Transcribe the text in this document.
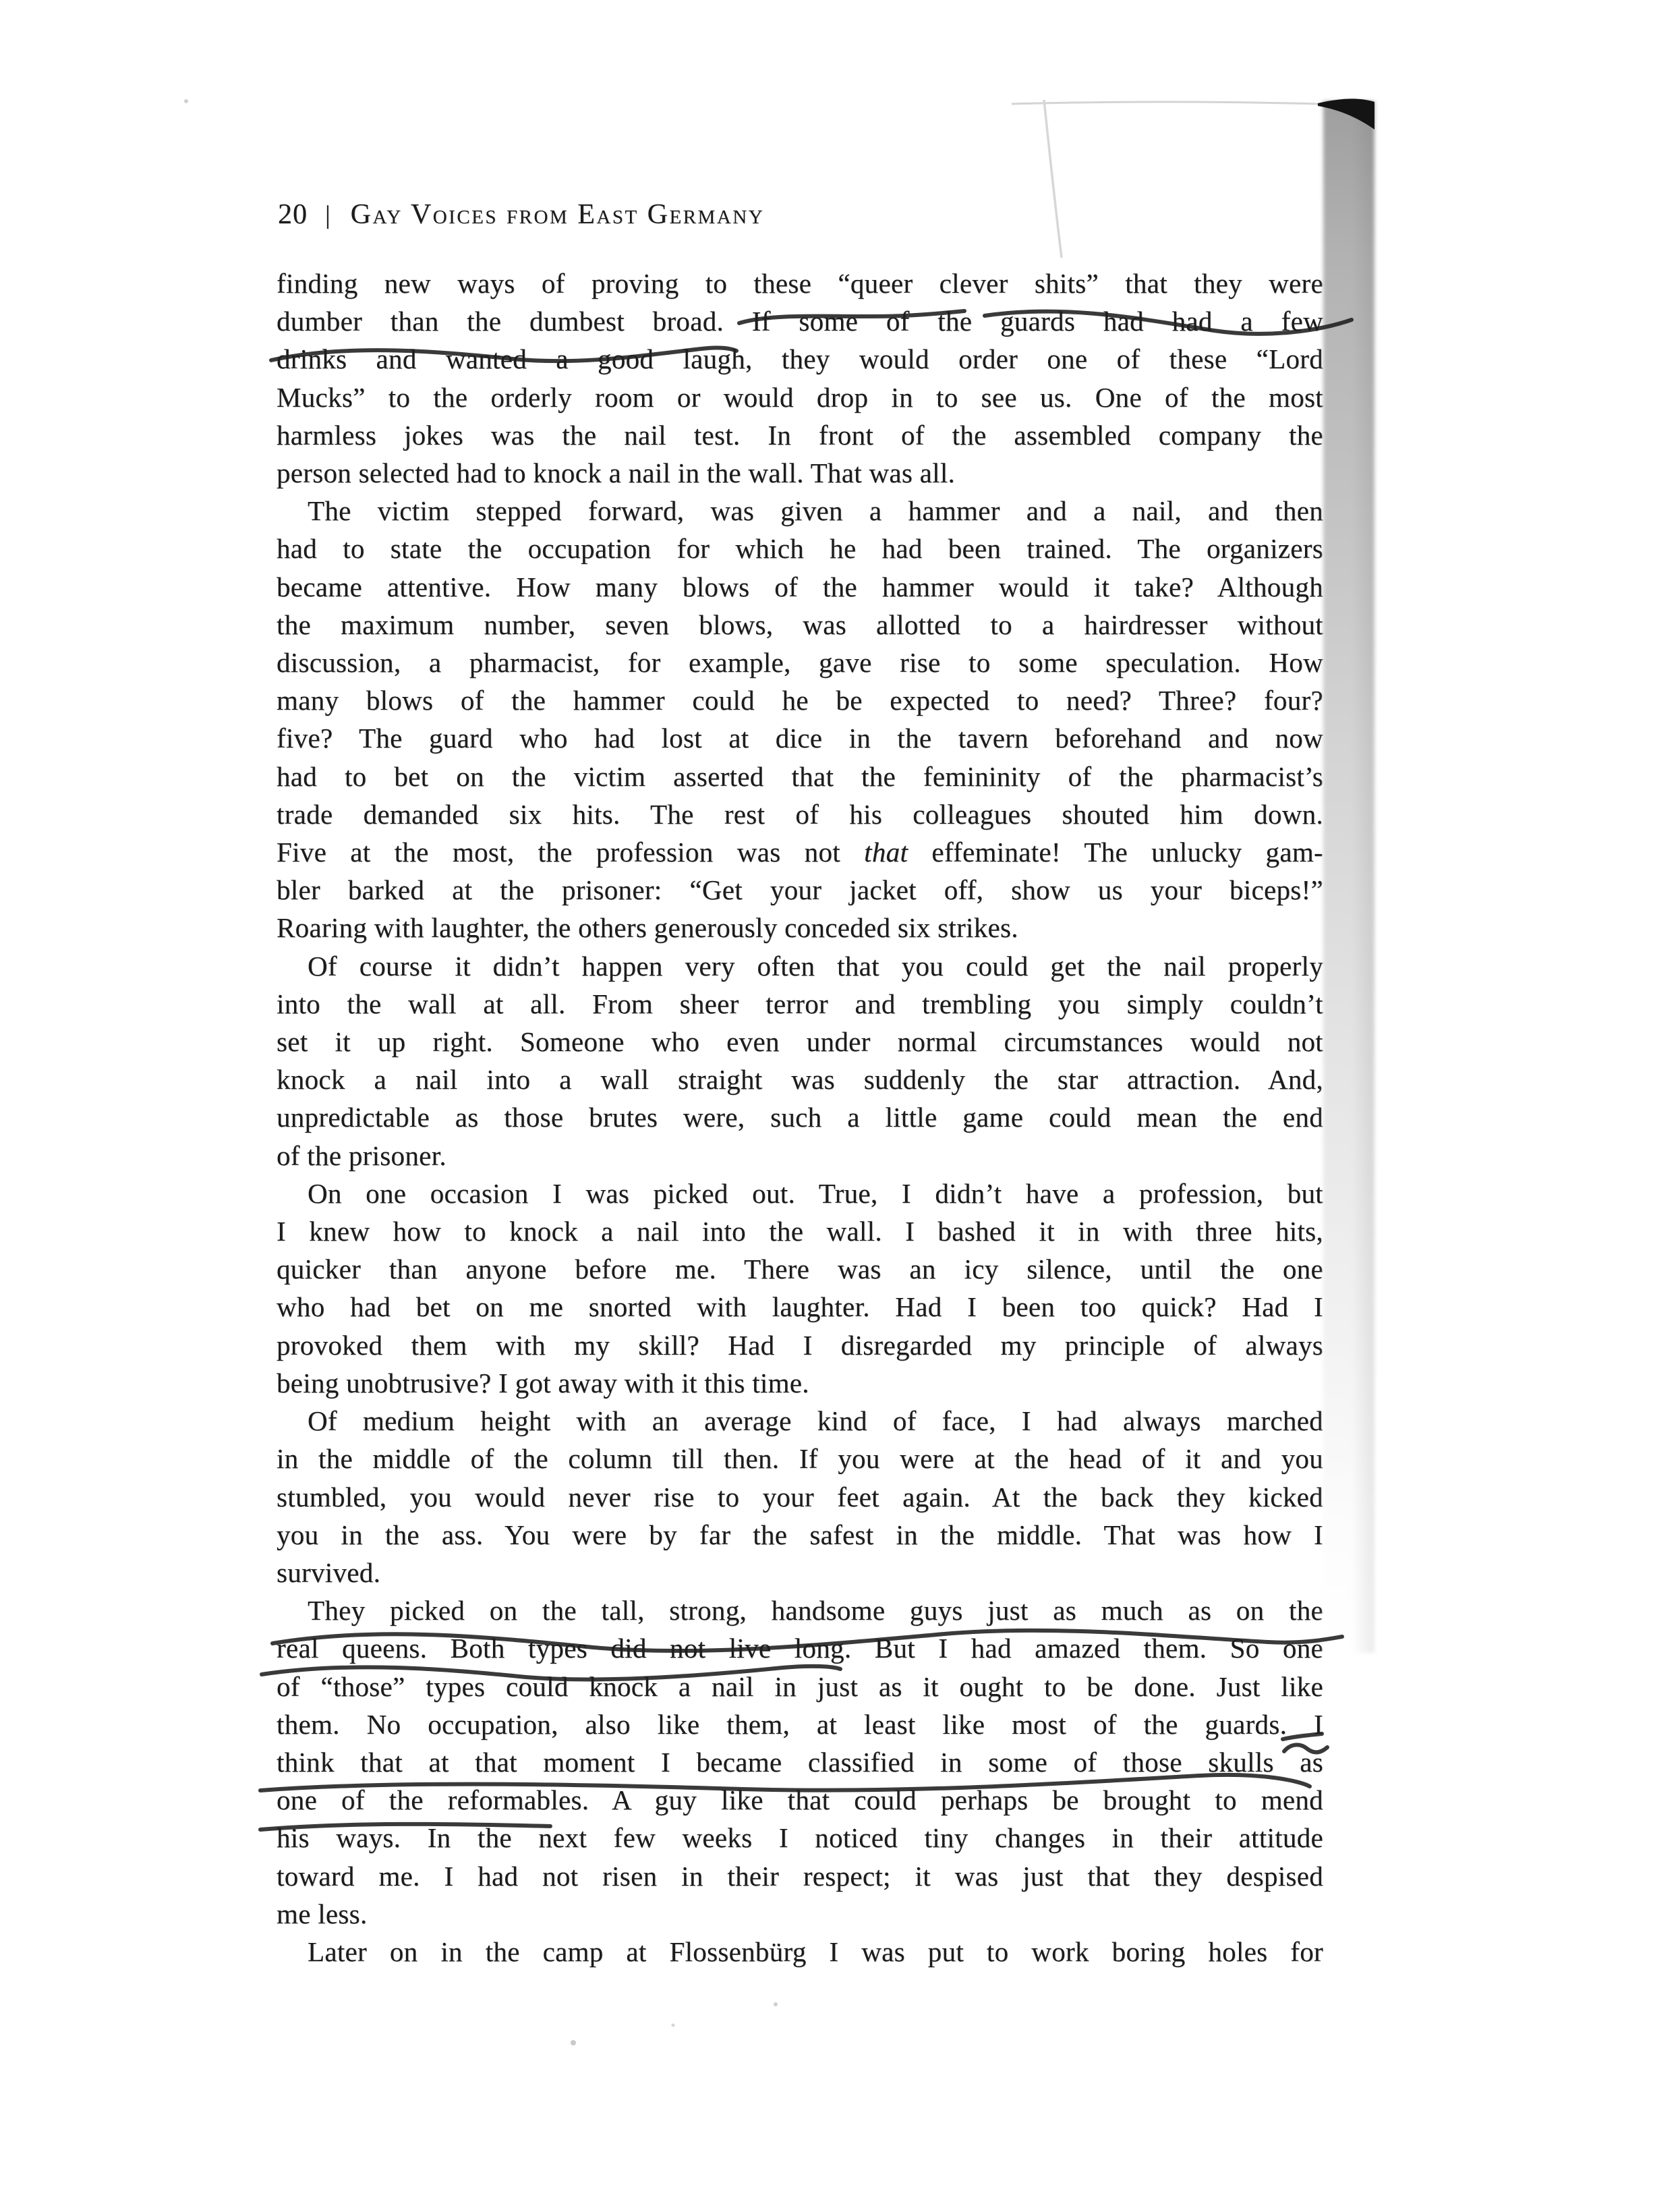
20 | Gay Voices from East Germany
finding new ways of proving to these “queer clever shits” that they were
dumber than the dumbest broad. If some of the guards had had a few
drinks and wanted a good laugh, they would order one of these “Lord
Mucks” to the orderly room or would drop in to see us. One of the most
harmless jokes was the nail test. In front of the assembled company the
person selected had to knock a nail in the wall. That was all.
The victim stepped forward, was given a hammer and a nail, and then
had to state the occupation for which he had been trained. The organizers
became attentive. How many blows of the hammer would it take? Although
the maximum number, seven blows, was allotted to a hairdresser without
discussion, a pharmacist, for example, gave rise to some speculation. How
many blows of the hammer could he be expected to need? Three? four?
five? The guard who had lost at dice in the tavern beforehand and now
had to bet on the victim asserted that the femininity of the pharmacist’s
trade demanded six hits. The rest of his colleagues shouted him down.
Five at the most, the profession was not that effeminate! The unlucky gam-
bler barked at the prisoner: “Get your jacket off, show us your biceps!”
Roaring with laughter, the others generously conceded six strikes.
Of course it didn’t happen very often that you could get the nail properly
into the wall at all. From sheer terror and trembling you simply couldn’t
set it up right. Someone who even under normal circumstances would not
knock a nail into a wall straight was suddenly the star attraction. And,
unpredictable as those brutes were, such a little game could mean the end
of the prisoner.
On one occasion I was picked out. True, I didn’t have a profession, but
I knew how to knock a nail into the wall. I bashed it in with three hits,
quicker than anyone before me. There was an icy silence, until the one
who had bet on me snorted with laughter. Had I been too quick? Had I
provoked them with my skill? Had I disregarded my principle of always
being unobtrusive? I got away with it this time.
Of medium height with an average kind of face, I had always marched
in the middle of the column till then. If you were at the head of it and you
stumbled, you would never rise to your feet again. At the back they kicked
you in the ass. You were by far the safest in the middle. That was how I
survived.
They picked on the tall, strong, handsome guys just as much as on the
real queens. Both types did not live long. But I had amazed them. So one
of “those” types could knock a nail in just as it ought to be done. Just like
them. No occupation, also like them, at least like most of the guards. I
think that at that moment I became classified in some of those skulls as
one of the reformables. A guy like that could perhaps be brought to mend
his ways. In the next few weeks I noticed tiny changes in their attitude
toward me. I had not risen in their respect; it was just that they despised
me less.
Later on in the camp at Flossenbürg I was put to work boring holes for
